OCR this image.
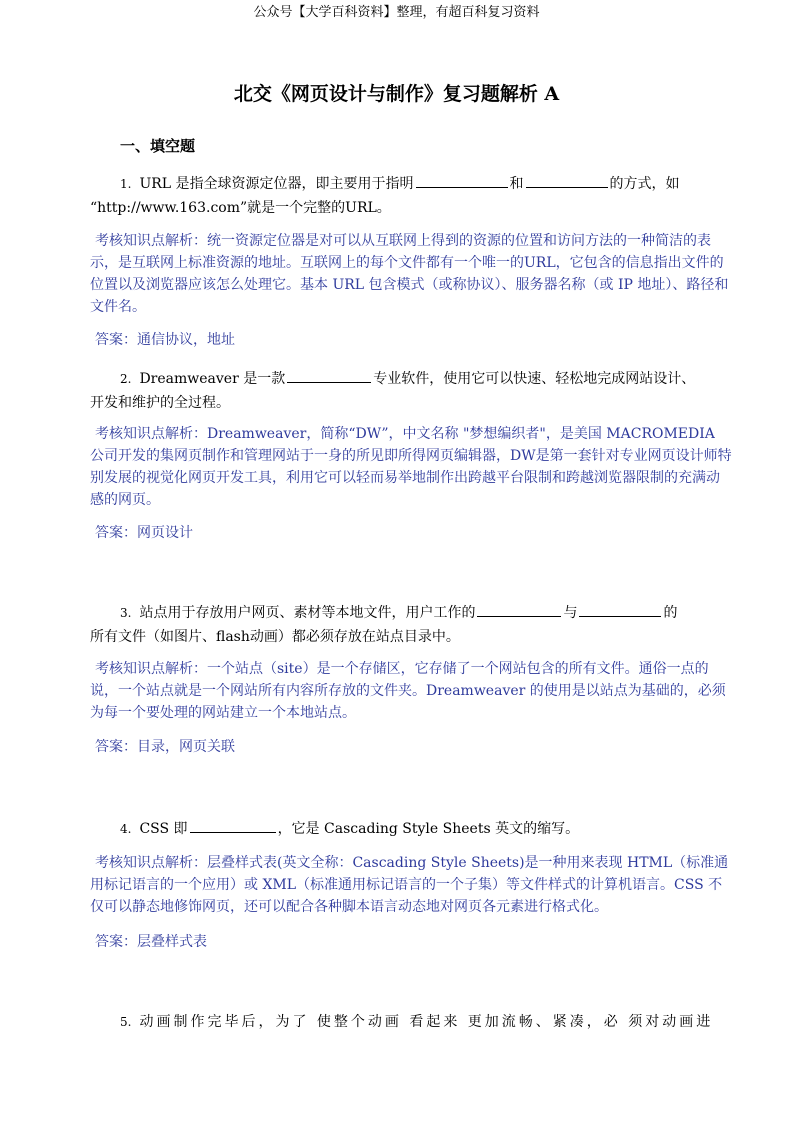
公众号【大学百科资料】整理，有超百科复习资料
北交《网页设计与制作》复习题解析 A
一、填空题
1. URL 是指全球资源定位器，即主要用于指明	和	的方式，如
“http://www.163.com”就是一个完整的URL。
考核知识点解析：统一资源定位器是对可以从互联网上得到的资源的位置和访问方法的一种简洁的表示，是互联网上标准资源的地址。互联网上的每个文件都有一个唯一的URL，它包含的信息指出文件的位置以及浏览器应该怎么处理它。基本 URL 包含模式（或称协议）、服务器名称（或 IP 地址）、路径和文件名。
答案：通信协议，地址
2. Dreamweaver 是一款	专业软件，使用它可以快速、轻松地完成网站设计、
开发和维护的全过程。
考核知识点解析：Dreamweaver，简称“DW”，中文名称 "梦想编织者"，是美国 MACROMEDIA 公司开发的集网页制作和管理网站于一身的所见即所得网页编辑器，DW是第一套针对专业网页设计师特别发展的视觉化网页开发工具，利用它可以轻而易举地制作出跨越平台限制和跨越浏览器限制的充满动感的网页。
答案：网页设计
3. 站点用于存放用户网页、素材等本地文件，用户工作的	与	的
所有文件（如图片、flash动画）都必须存放在站点目录中。
考核知识点解析：一个站点（site）是一个存储区，它存储了一个网站包含的所有文件。通俗一点的说，一个站点就是一个网站所有内容所存放的文件夹。Dreamweaver 的使用是以站点为基础的，必须为每一个要处理的网站建立一个本地站点。
答案：目录，网页关联
4. CSS 即	，它是 Cascading Style Sheets 英文的缩写。
考核知识点解析：层叠样式表(英文全称：Cascading Style Sheets)是一种用来表现 HTML（标准通用标记语言的一个应用）或 XML（标准通用标记语言的一个子集）等文件样式的计算机语言。CSS 不仅可以静态地修饰网页，还可以配合各种脚本语言动态地对网页各元素进行格式化。
答案：层叠样式表
5. 动画制作完毕后，为了 使整个动画 看起来 更加流畅、紧凑，必 须对动画进
